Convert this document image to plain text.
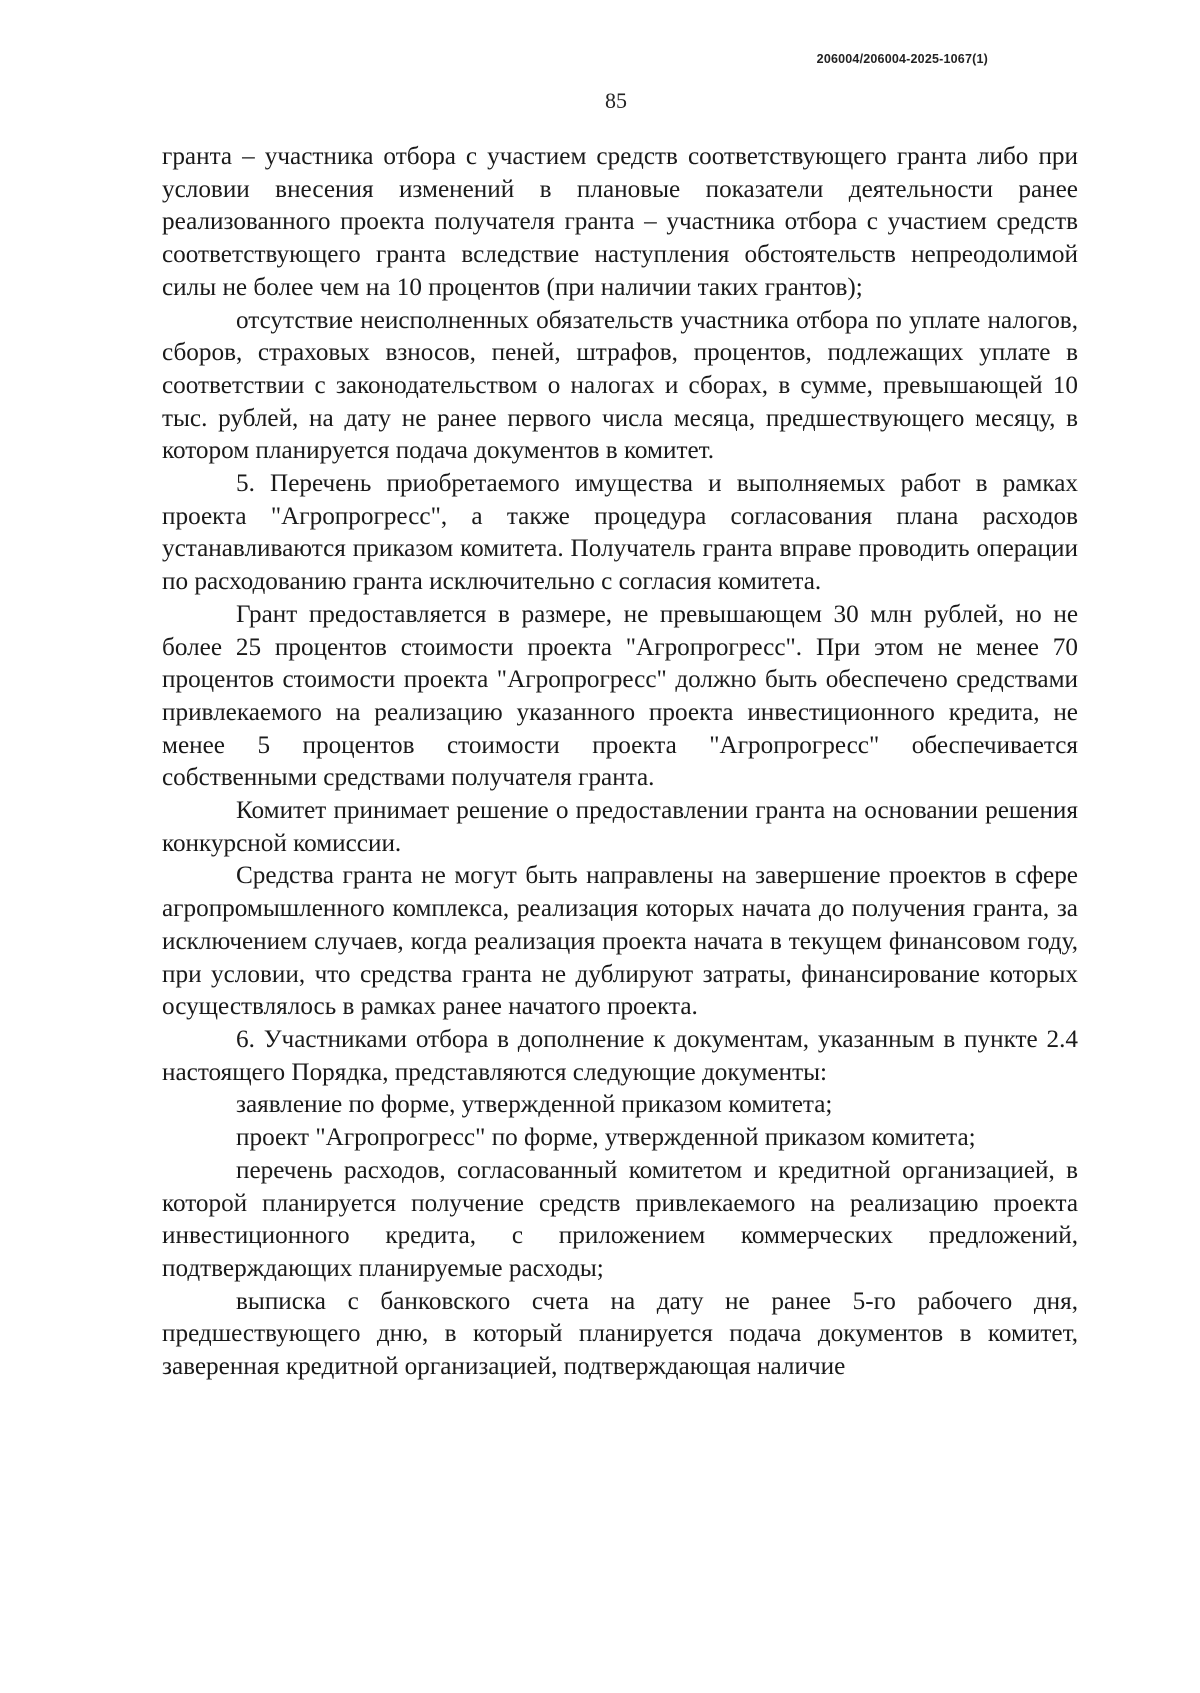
206004/206004-2025-1067(1)
85

гранта – участника отбора с участием средств соответствующего гранта либо при условии внесения изменений в плановые показатели деятельности ранее реализованного проекта получателя гранта – участника отбора с участием средств соответствующего гранта вследствие наступления обстоятельств непреодолимой силы не более чем на 10 процентов (при наличии таких грантов);

отсутствие неисполненных обязательств участника отбора по уплате налогов, сборов, страховых взносов, пеней, штрафов, процентов, подлежащих уплате в соответствии с законодательством о налогах и сборах, в сумме, превышающей 10 тыс. рублей, на дату не ранее первого числа месяца, предшествующего месяцу, в котором планируется подача документов в комитет.

5. Перечень приобретаемого имущества и выполняемых работ в рамках проекта "Агропрогресс", а также процедура согласования плана расходов устанавливаются приказом комитета. Получатель гранта вправе проводить операции по расходованию гранта исключительно с согласия комитета.

Грант предоставляется в размере, не превышающем 30 млн рублей, но не более 25 процентов стоимости проекта "Агропрогресс". При этом не менее 70 процентов стоимости проекта "Агропрогресс" должно быть обеспечено средствами привлекаемого на реализацию указанного проекта инвестиционного кредита, не менее 5 процентов стоимости проекта "Агропрогресс" обеспечивается собственными средствами получателя гранта.

Комитет принимает решение о предоставлении гранта на основании решения конкурсной комиссии.

Средства гранта не могут быть направлены на завершение проектов в сфере агропромышленного комплекса, реализация которых начата до получения гранта, за исключением случаев, когда реализация проекта начата в текущем финансовом году, при условии, что средства гранта не дублируют затраты, финансирование которых осуществлялось в рамках ранее начатого проекта.

6. Участниками отбора в дополнение к документам, указанным в пункте 2.4 настоящего Порядка, представляются следующие документы:

заявление по форме, утвержденной приказом комитета;

проект "Агропрогресс" по форме, утвержденной приказом комитета;

перечень расходов, согласованный комитетом и кредитной организацией, в которой планируется получение средств привлекаемого на реализацию проекта инвестиционного кредита, с приложением коммерческих предложений, подтверждающих планируемые расходы;

выписка с банковского счета на дату не ранее 5-го рабочего дня, предшествующего дню, в который планируется подача документов в комитет, заверенная кредитной организацией, подтверждающая наличие
